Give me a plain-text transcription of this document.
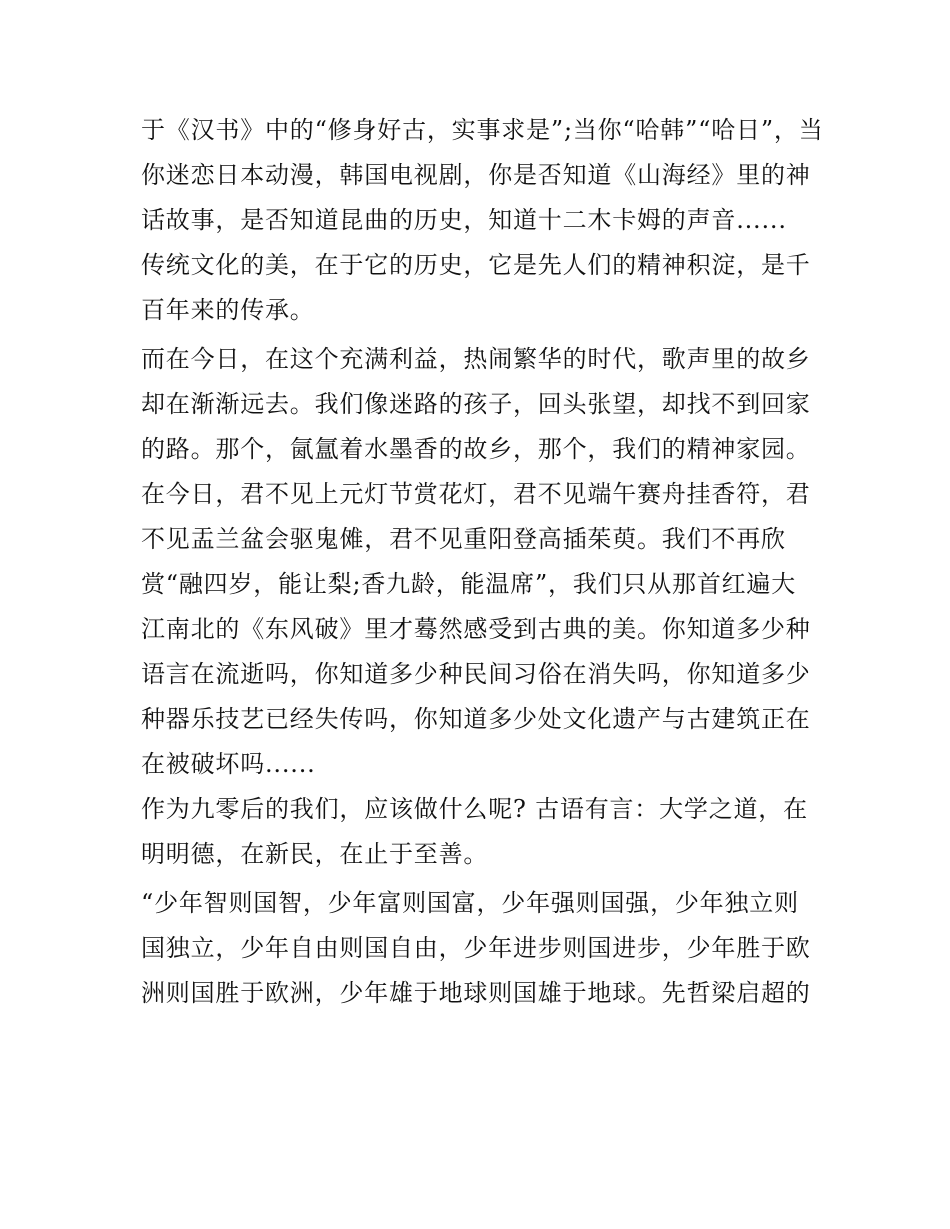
于《汉书》中的“修身好古，实事求是”;当你“哈韩”“哈日”，当
你迷恋日本动漫，韩国电视剧，你是否知道《山海经》里的神
话故事，是否知道昆曲的历史，知道十二木卡姆的声音......
传统文化的美，在于它的历史，它是先人们的精神积淀，是千
百年来的传承。
而在今日，在这个充满利益，热闹繁华的时代，歌声里的故乡
却在渐渐远去。我们像迷路的孩子，回头张望，却找不到回家
的路。那个，氤氲着水墨香的故乡，那个，我们的精神家园。
在今日，君不见上元灯节赏花灯，君不见端午赛舟挂香符，君
不见盂兰盆会驱鬼傩，君不见重阳登高插茱萸。我们不再欣
赏“融四岁，能让梨;香九龄，能温席”，我们只从那首红遍大
江南北的《东风破》里才蓦然感受到古典的美。你知道多少种
语言在流逝吗，你知道多少种民间习俗在消失吗，你知道多少
种器乐技艺已经失传吗，你知道多少处文化遗产与古建筑正在
在被破坏吗......
作为九零后的我们，应该做什么呢? 古语有言：大学之道，在
明明德，在新民，在止于至善。
“少年智则国智，少年富则国富，少年强则国强，少年独立则
国独立，少年自由则国自由，少年进步则国进步，少年胜于欧
洲则国胜于欧洲，少年雄于地球则国雄于地球。先哲梁启超的
